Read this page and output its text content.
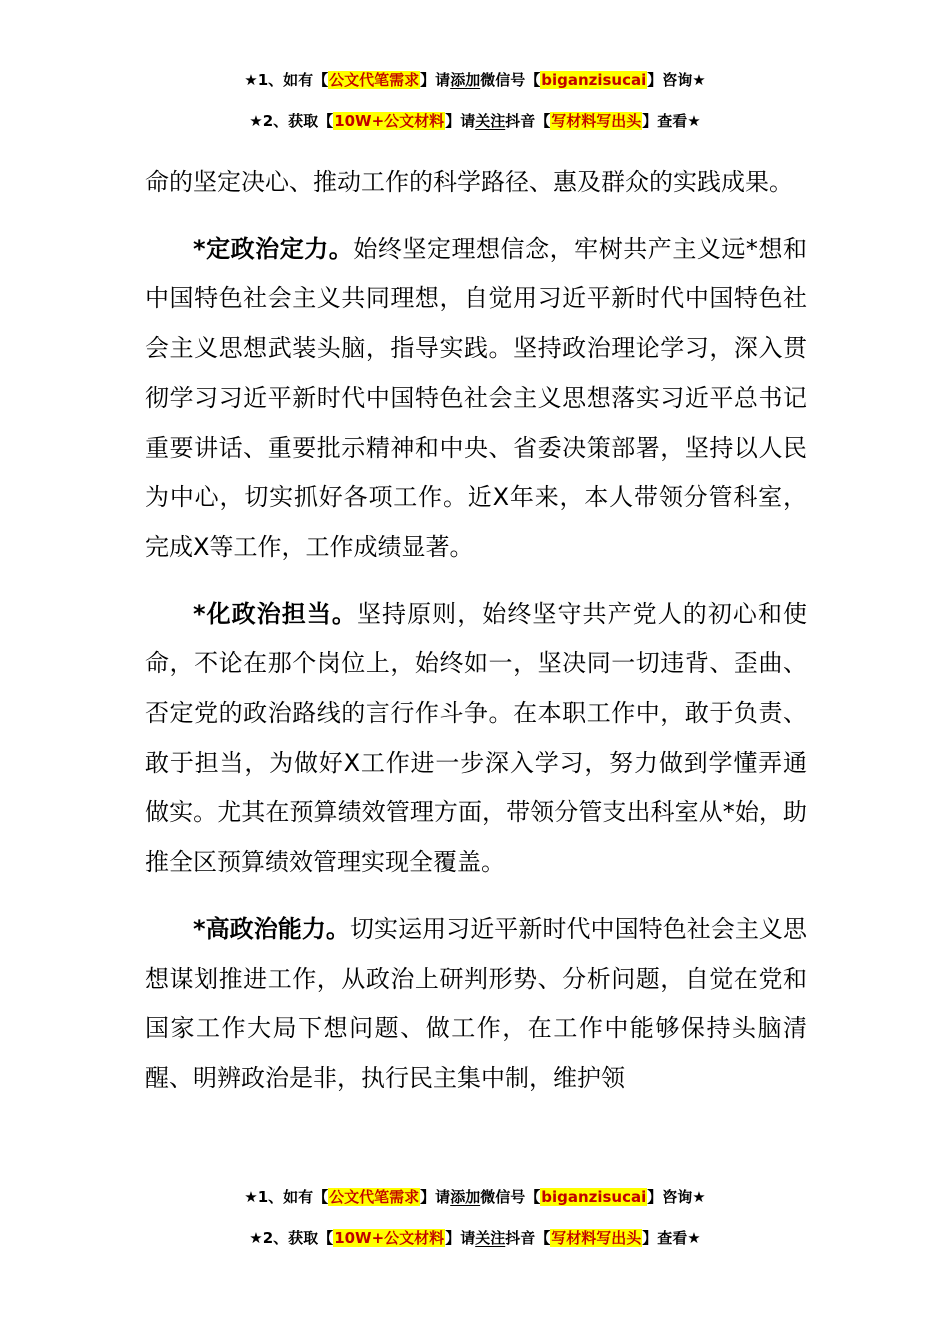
★1、如有【公文代笔需求】请添加微信号【biganzisucai】咨询★
★2、获取【10W+公文材料】请关注抖音【写材料写出头】查看★

命的坚定决心、推动工作的科学路径、惠及群众的实践成果。

*定政治定力。始终坚定理想信念，牢树共产主义远*想和中国特色社会主义共同理想，自觉用习近平新时代中国特色社会主义思想武装头脑，指导实践。坚持政治理论学习，深入贯彻学习习近平新时代中国特色社会主义思想落实习近平总书记重要讲话、重要批示精神和中央、省委决策部署，坚持以人民为中心，切实抓好各项工作。近X年来，本人带领分管科室，完成X等工作，工作成绩显著。

*化政治担当。坚持原则，始终坚守共产党人的初心和使命，不论在那个岗位上，始终如一，坚决同一切违背、歪曲、否定党的政治路线的言行作斗争。在本职工作中，敢于负责、敢于担当，为做好X工作进一步深入学习，努力做到学懂弄通做实。尤其在预算绩效管理方面，带领分管支出科室从*始，助推全区预算绩效管理实现全覆盖。

*高政治能力。切实运用习近平新时代中国特色社会主义思想谋划推进工作，从政治上研判形势、分析问题，自觉在党和国家工作大局下想问题、做工作，在工作中能够保持头脑清醒、明辨政治是非，执行民主集中制，维护领

★1、如有【公文代笔需求】请添加微信号【biganzisucai】咨询★
★2、获取【10W+公文材料】请关注抖音【写材料写出头】查看★
